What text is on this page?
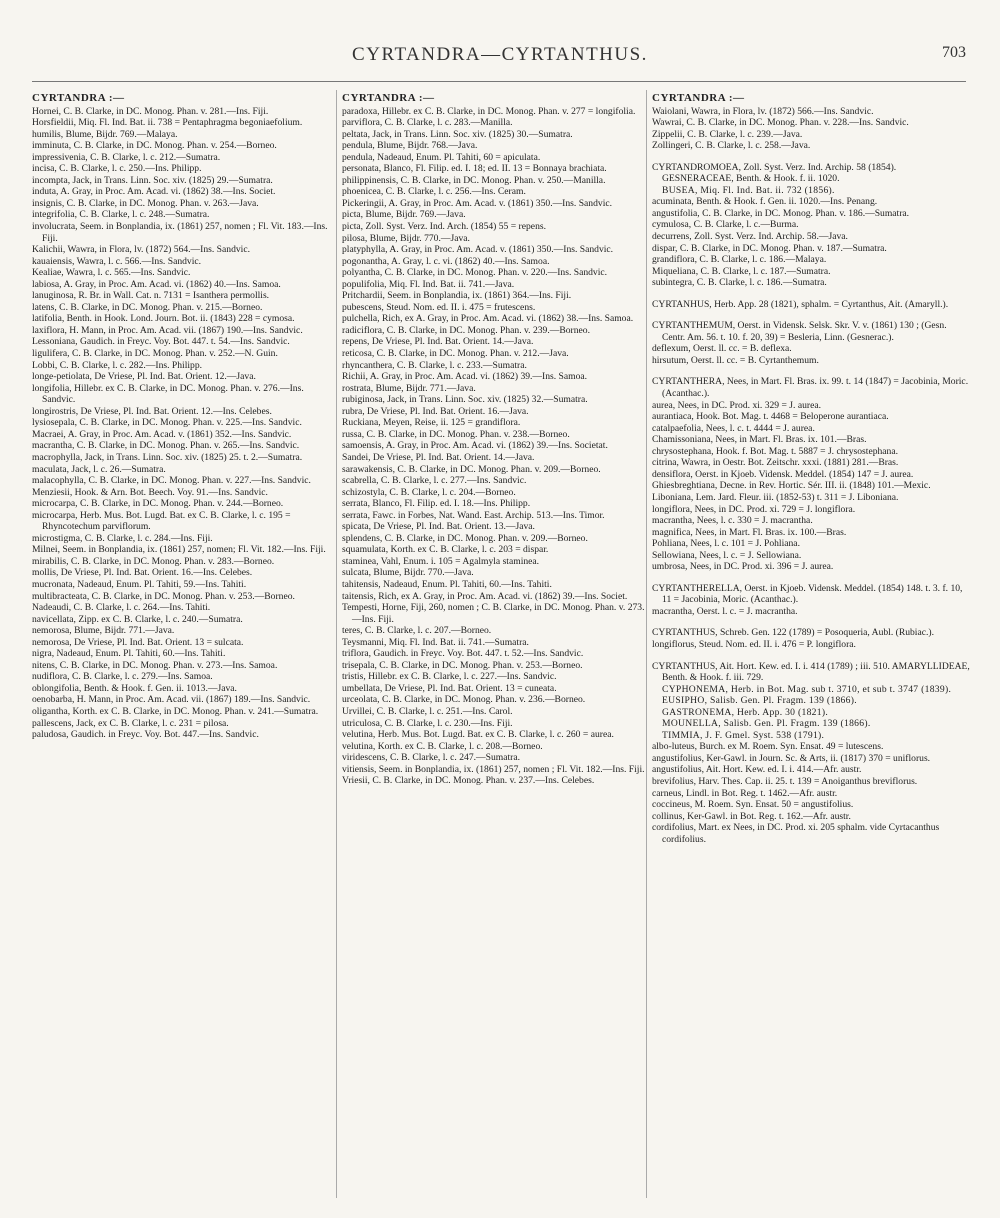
CYRTANDRA—CYRTANTHUS.	703

CYRTANDRA :—

Hornei, C. B. Clarke, in DC. Monog. Phan. v. 281.—Ins. Fiji.

Horsfieldii, Miq. Fl. Ind. Bat. ii. 738 = Pentaphragma begoniaefolium.

humilis, Blume, Bijdr. 769.—Malaya.

imminuta, C. B. Clarke, in DC. Monog. Phan. v. 254.—Borneo.

impressivenia, C. B. Clarke, l. c. 212.—Sumatra.

incisa, C. B. Clarke, l. c. 250.—Ins. Philipp.

incompta, Jack, in Trans. Linn. Soc. xiv. (1825) 29.—Sumatra.

induta, A. Gray, in Proc. Am. Acad. vi. (1862) 38.—Ins. Societ.

insignis, C. B. Clarke, in DC. Monog. Phan. v. 263.—Java.

integrifolia, C. B. Clarke, l. c. 248.—Sumatra.

involucrata, Seem. in Bonplandia, ix. (1861) 257, nomen ; Fl. Vit. 183.—Ins. Fiji.

Kalichii, Wawra, in Flora, lv. (1872) 564.—Ins. Sandvic.

kauaiensis, Wawra, l. c. 566.—Ins. Sandvic.

Kealiae, Wawra, l. c. 565.—Ins. Sandvic.

labiosa, A. Gray, in Proc. Am. Acad. vi. (1862) 40.—Ins. Samoa.

lanuginosa, R. Br. in Wall. Cat. n. 7131 = Isanthera permollis.

latens, C. B. Clarke, in DC. Monog. Phan. v. 215.—Borneo.

latifolia, Benth. in Hook. Lond. Journ. Bot. ii. (1843) 228 = cymosa.

laxiflora, H. Mann, in Proc. Am. Acad. vii. (1867) 190.—Ins. Sandvic.

Lessoniana, Gaudich. in Freyc. Voy. Bot. 447. t. 54.—Ins. Sandvic.

ligulifera, C. B. Clarke, in DC. Monog. Phan. v. 252.—N. Guin.

Lobbi, C. B. Clarke, l. c. 282.—Ins. Philipp.

longe-petiolata, De Vriese, Pl. Ind. Bat. Orient. 12.—Java.

longifolia, Hillebr. ex C. B. Clarke, in DC. Monog. Phan. v. 276.—Ins. Sandvic.

longirostris, De Vriese, Pl. Ind. Bat. Orient. 12.—Ins. Celebes.

lysiosepala, C. B. Clarke, in DC. Monog. Phan. v. 225.—Ins. Sandvic.

Macraei, A. Gray, in Proc. Am. Acad. v. (1861) 352.—Ins. Sandvic.

macrantha, C. B. Clarke, in DC. Monog. Phan. v. 265.—Ins. Sandvic.

macrophylla, Jack, in Trans. Linn. Soc. xiv. (1825) 25. t. 2.—Sumatra.

maculata, Jack, l. c. 26.—Sumatra.

malacophylla, C. B. Clarke, in DC. Monog. Phan. v. 227.—Ins. Sandvic.

Menziesii, Hook. & Arn. Bot. Beech. Voy. 91.—Ins. Sandvic.

microcarpa, C. B. Clarke, in DC. Monog. Phan. v. 244.—Borneo.

microcarpa, Herb. Mus. Bot. Lugd. Bat. ex C. B. Clarke, l. c. 195 = Rhyncotechum parviflorum.

microstigma, C. B. Clarke, l. c. 284.—Ins. Fiji.

Milnei, Seem. in Bonplandia, ix. (1861) 257, nomen; Fl. Vit. 182.—Ins. Fiji.

mirabilis, C. B. Clarke, in DC. Monog. Phan. v. 283.—Borneo.

mollis, De Vriese, Pl. Ind. Bat. Orient. 16.—Ins. Celebes.

mucronata, Nadeaud, Enum. Pl. Tahiti, 59.—Ins. Tahiti.

multibracteata, C. B. Clarke, in DC. Monog. Phan. v. 253.—Borneo.

Nadeaudi, C. B. Clarke, l. c. 264.—Ins. Tahiti.

navicellata, Zipp. ex C. B. Clarke, l. c. 240.—Sumatra.

nemorosa, Blume, Bijdr. 771.—Java.

nemorosa, De Vriese, Pl. Ind. Bat. Orient. 13 = sulcata.

nigra, Nadeaud, Enum. Pl. Tahiti, 60.—Ins. Tahiti.

nitens, C. B. Clarke, in DC. Monog. Phan. v. 273.—Ins. Samoa.

nudiflora, C. B. Clarke, l. c. 279.—Ins. Samoa.

oblongifolia, Benth. & Hook. f. Gen. ii. 1013.—Java.

oenobarba, H. Mann, in Proc. Am. Acad. vii. (1867) 189.—Ins. Sandvic.

oligantha, Korth. ex C. B. Clarke, in DC. Monog. Phan. v. 241.—Sumatra.

pallescens, Jack, ex C. B. Clarke, l. c. 231 = pilosa.

paludosa, Gaudich. in Freyc. Voy. Bot. 447.—Ins. Sandvic.

CYRTANDRA :—

paradoxa, Hillebr. ex C. B. Clarke, in DC. Monog. Phan. v. 277 = longifolia.

parviflora, C. B. Clarke, l. c. 283.—Manilla.

peltata, Jack, in Trans. Linn. Soc. xiv. (1825) 30.—Sumatra.

pendula, Blume, Bijdr. 768.—Java.

pendula, Nadeaud, Enum. Pl. Tahiti, 60 = apiculata.

personata, Blanco, Fl. Filip. ed. I. 18; ed. II. 13 = Bonnaya brachiata.

philippinensis, C. B. Clarke, in DC. Monog. Phan. v. 250.—Manilla.

phoenicea, C. B. Clarke, l. c. 256.—Ins. Ceram.

Pickeringii, A. Gray, in Proc. Am. Acad. v. (1861) 350.—Ins. Sandvic.

picta, Blume, Bijdr. 769.—Java.

picta, Zoll. Syst. Verz. Ind. Arch. (1854) 55 = repens.

pilosa, Blume, Bijdr. 770.—Java.

platyphylla, A. Gray, in Proc. Am. Acad. v. (1861) 350.—Ins. Sandvic.

pogonantha, A. Gray, l. c. vi. (1862) 40.—Ins. Samoa.

polyantha, C. B. Clarke, in DC. Monog. Phan. v. 220.—Ins. Sandvic.

populifolia, Miq. Fl. Ind. Bat. ii. 741.—Java.

Pritchardii, Seem. in Bonplandia, ix. (1861) 364.—Ins. Fiji.

pubescens, Steud. Nom. ed. II. i. 475 = frutescens.

pulchella, Rich, ex A. Gray, in Proc. Am. Acad. vi. (1862) 38.—Ins. Samoa.

radiciflora, C. B. Clarke, in DC. Monog. Phan. v. 239.—Borneo.

repens, De Vriese, Pl. Ind. Bat. Orient. 14.—Java.

reticosa, C. B. Clarke, in DC. Monog. Phan. v. 212.—Java.

rhyncanthera, C. B. Clarke, l. c. 233.—Sumatra.

Richii, A. Gray, in Proc. Am. Acad. vi. (1862) 39.—Ins. Samoa.

rostrata, Blume, Bijdr. 771.—Java.

rubiginosa, Jack, in Trans. Linn. Soc. xiv. (1825) 32.—Sumatra.

rubra, De Vriese, Pl. Ind. Bat. Orient. 16.—Java.

Ruckiana, Meyen, Reise, ii. 125 = grandiflora.

russa, C. B. Clarke, in DC. Monog. Phan. v. 238.—Borneo.

samoensis, A. Gray, in Proc. Am. Acad. vi. (1862) 39.—Ins. Societat.

Sandei, De Vriese, Pl. Ind. Bat. Orient. 14.—Java.

sarawakensis, C. B. Clarke, in DC. Monog. Phan. v. 209.—Borneo.

scabrella, C. B. Clarke, l. c. 277.—Ins. Sandvic.

schizostyla, C. B. Clarke, l. c. 204.—Borneo.

serrata, Blanco, Fl. Filip. ed. I. 18.—Ins. Philipp.

serrata, Fawc. in Forbes, Nat. Wand. East. Archip. 513.—Ins. Timor.

spicata, De Vriese, Pl. Ind. Bat. Orient. 13.—Java.

splendens, C. B. Clarke, in DC. Monog. Phan. v. 209.—Borneo.

squamulata, Korth. ex C. B. Clarke, l. c. 203 = dispar.

staminea, Vahl, Enum. i. 105 = Agalmyla staminea.

sulcata, Blume, Bijdr. 770.—Java.

tahitensis, Nadeaud, Enum. Pl. Tahiti, 60.—Ins. Tahiti.

taitensis, Rich, ex A. Gray, in Proc. Am. Acad. vi. (1862) 39.—Ins. Societ.

Tempesti, Horne, Fiji, 260, nomen ; C. B. Clarke, in DC. Monog. Phan. v. 273.—Ins. Fiji.

teres, C. B. Clarke, l. c. 207.—Borneo.

Teysmanni, Miq. Fl. Ind. Bat. ii. 741.—Sumatra.

triflora, Gaudich. in Freyc. Voy. Bot. 447. t. 52.—Ins. Sandvic.

trisepala, C. B. Clarke, in DC. Monog. Phan. v. 253.—Borneo.

tristis, Hillebr. ex C. B. Clarke, l. c. 227.—Ins. Sandvic.

umbellata, De Vriese, Pl. Ind. Bat. Orient. 13 = cuneata.

urceolata, C. B. Clarke, in DC. Monog. Phan. v. 236.—Borneo.

Urvillei, C. B. Clarke, l. c. 251.—Ins. Carol.

utriculosa, C. B. Clarke, l. c. 230.—Ins. Fiji.

velutina, Herb. Mus. Bot. Lugd. Bat. ex C. B. Clarke, l. c. 260 = aurea.

velutina, Korth. ex C. B. Clarke, l. c. 208.—Borneo.

viridescens, C. B. Clarke, l. c. 247.—Sumatra.

vitiensis, Seem. in Bonplandia, ix. (1861) 257, nomen ; Fl. Vit. 182.—Ins. Fiji.

Vriesii, C. B. Clarke, in DC. Monog. Phan. v. 237.—Ins. Celebes.

CYRTANDRA :—

Waiolani, Wawra, in Flora, lv. (1872) 566.—Ins. Sandvic.

Wawrai, C. B. Clarke, in DC. Monog. Phan. v. 228.—Ins. Sandvic.

Zippelii, C. B. Clarke, l. c. 239.—Java.

Zollingeri, C. B. Clarke, l. c. 258.—Java.

CYRTANDROMOEA, Zoll. Syst. Verz. Ind. Archip. 58 (1854). GESNERACEAE, Benth. & Hook. f. ii. 1020.

BUSEA, Miq. Fl. Ind. Bat. ii. 732 (1856).

acuminata, Benth. & Hook. f. Gen. ii. 1020.—Ins. Penang.

angustifolia, C. B. Clarke, in DC. Monog. Phan. v. 186.—Sumatra.

cymulosa, C. B. Clarke, l. c.—Burma.

decurrens, Zoll. Syst. Verz. Ind. Archip. 58.—Java.

dispar, C. B. Clarke, in DC. Monog. Phan. v. 187.—Sumatra.

grandiflora, C. B. Clarke, l. c. 186.—Malaya.

Miqueliana, C. B. Clarke, l. c. 187.—Sumatra.

subintegra, C. B. Clarke, l. c. 186.—Sumatra.

CYRTANHUS, Herb. App. 28 (1821), sphalm. = Cyrtanthus, Ait. (Amaryll.).

CYRTANTHEMUM, Oerst. in Vidensk. Selsk. Skr. V. v. (1861) 130 ; (Gesn. Centr. Am. 56. t. 10. f. 20, 39) = Besleria, Linn. (Gesnerac.).

deflexum, Oerst. ll. cc. = B. deflexa.

hirsutum, Oerst. ll. cc. = B. Cyrtanthemum.

CYRTANTHERA, Nees, in Mart. Fl. Bras. ix. 99. t. 14 (1847) = Jacobinia, Moric. (Acanthac.).

aurea, Nees, in DC. Prod. xi. 329 = J. aurea.

aurantiaca, Hook. Bot. Mag. t. 4468 = Beloperone aurantiaca.

catalpaefolia, Nees, l. c. t. 4444 = J. aurea.

Chamissoniana, Nees, in Mart. Fl. Bras. ix. 101.—Bras.

chrysostephana, Hook. f. Bot. Mag. t. 5887 = J. chrysostephana.

citrina, Wawra, in Oestr. Bot. Zeitschr. xxxi. (1881) 281.—Bras.

densiflora, Oerst. in Kjoeb. Vidensk. Meddel. (1854) 147 = J. aurea.

Ghiesbreghtiana, Decne. in Rev. Hortic. Sér. III. ii. (1848) 101.—Mexic.

Liboniana, Lem. Jard. Fleur. iii. (1852-53) t. 311 = J. Liboniana.

longiflora, Nees, in DC. Prod. xi. 729 = J. longiflora.

macrantha, Nees, l. c. 330 = J. macrantha.

magnifica, Nees, in Mart. Fl. Bras. ix. 100.—Bras.

Pohliana, Nees, l. c. 101 = J. Pohliana.

Sellowiana, Nees, l. c. = J. Sellowiana.

umbrosa, Nees, in DC. Prod. xi. 396 = J. aurea.

CYRTANTHERELLA, Oerst. in Kjoeb. Vidensk. Meddel. (1854) 148. t. 3. f. 10, 11 = Jacobinia, Moric. (Acanthac.).

macrantha, Oerst. l. c. = J. macrantha.

CYRTANTHUS, Schreb. Gen. 122 (1789) = Posoqueria, Aubl. (Rubiac.).

longiflorus, Steud. Nom. ed. II. i. 476 = P. longiflora.

CYRTANTHUS, Ait. Hort. Kew. ed. I. i. 414 (1789) ; iii. 510. AMARYLLIDEAE, Benth. & Hook. f. iii. 729.

CYPHONEMA, Herb. in Bot. Mag. sub t. 3710, et sub t. 3747 (1839).

EUSIPHO, Salisb. Gen. Pl. Fragm. 139 (1866).

GASTRONEMA, Herb. App. 30 (1821).

MOUNELLA, Salisb. Gen. Pl. Fragm. 139 (1866).

TIMMIA, J. F. Gmel. Syst. 538 (1791).

albo-luteus, Burch. ex M. Roem. Syn. Ensat. 49 = lutescens.

angustifolius, Ker-Gawl. in Journ. Sc. & Arts, ii. (1817) 370 = uniflorus.

angustifolius, Ait. Hort. Kew. ed. I. i. 414.—Afr. austr.

brevifolius, Harv. Thes. Cap. ii. 25. t. 139 = Anoiganthus breviflorus.

carneus, Lindl. in Bot. Reg. t. 1462.—Afr. austr.

coccineus, M. Roem. Syn. Ensat. 50 = angustifolius.

collinus, Ker-Gawl. in Bot. Reg. t. 162.—Afr. austr.

cordifolius, Mart. ex Nees, in DC. Prod. xi. 205 sphalm. vide Cyrtacanthus cordifolius.
